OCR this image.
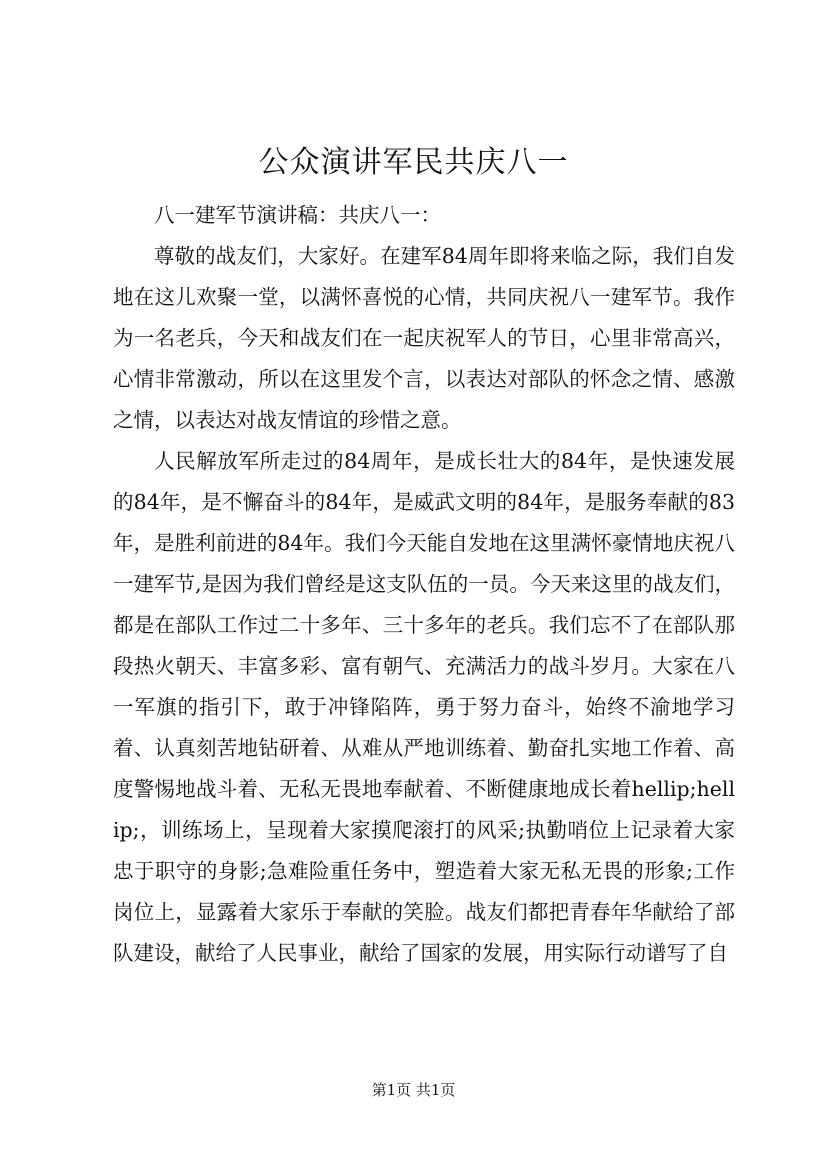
公众演讲军民共庆八一

八一建军节演讲稿：共庆八一：

尊敬的战友们，大家好。在建军84周年即将来临之际，我们自发地在这儿欢聚一堂，以满怀喜悦的心情，共同庆祝八一建军节。我作为一名老兵，今天和战友们在一起庆祝军人的节日，心里非常高兴，心情非常激动，所以在这里发个言，以表达对部队的怀念之情、感激之情，以表达对战友情谊的珍惜之意。

人民解放军所走过的84周年，是成长壮大的84年，是快速发展的84年，是不懈奋斗的84年，是威武文明的84年，是服务奉献的83年，是胜利前进的84年。我们今天能自发地在这里满怀豪情地庆祝八一建军节,是因为我们曾经是这支队伍的一员。今天来这里的战友们，都是在部队工作过二十多年、三十多年的老兵。我们忘不了在部队那段热火朝天、丰富多彩、富有朝气、充满活力的战斗岁月。大家在八一军旗的指引下，敢于冲锋陷阵，勇于努力奋斗，始终不渝地学习着、认真刻苦地钻研着、从难从严地训练着、勤奋扎实地工作着、高度警惕地战斗着、无私无畏地奉献着、不断健康地成长着hellip;hellip;，训练场上，呈现着大家摸爬滚打的风采;执勤哨位上记录着大家忠于职守的身影;急难险重任务中，塑造着大家无私无畏的形象;工作岗位上，显露着大家乐于奉献的笑脸。战友们都把青春年华献给了部队建设，献给了人民事业，献给了国家的发展，用实际行动谱写了自

第1页 共1页
